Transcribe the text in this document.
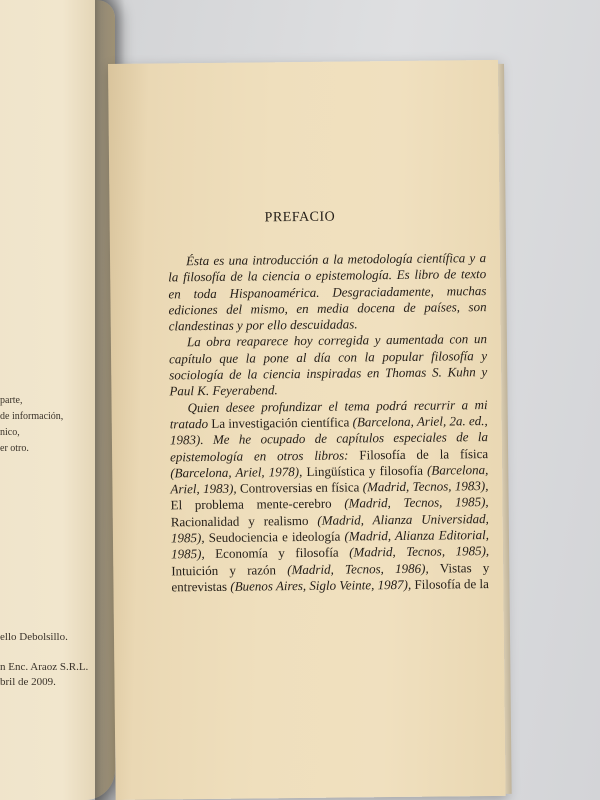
parte,
de información,
nico,
er otro.
ello Debolsillo.
n Enc. Araoz S.R.L.
bril de 2009.
PREFACIO

Ésta es una introducción a la metodología científica y a la filosofía de la ciencia o epistemología. Es libro de texto en toda Hispanoamérica. Desgraciadamente, muchas ediciones del mismo, en media docena de países, son clandestinas y por ello descuidadas.

La obra reaparece hoy corregida y aumentada con un capítulo que la pone al día con la popular filosofía y sociología de la ciencia inspiradas en Thomas S. Kuhn y Paul K. Feyerabend.

Quien desee profundizar el tema podrá recurrir a mi tratado La investigación científica (Barcelona, Ariel, 2a. ed., 1983). Me he ocupado de capítulos especiales de la epistemología en otros libros: Filosofía de la física (Barcelona, Ariel, 1978), Lingüística y filosofía (Barcelona, Ariel, 1983), Controversias en física (Madrid, Tecnos, 1983), El problema mente-cerebro (Madrid, Tecnos, 1985), Racionalidad y realismo (Madrid, Alianza Universidad, 1985), Seudociencia e ideología (Madrid, Alianza Editorial, 1985), Economía y filosofía (Madrid, Tecnos, 1985), Intuición y razón (Madrid, Tecnos, 1986), Vistas y entrevistas (Buenos Aires, Siglo Veinte, 1987), Filosofía de la
